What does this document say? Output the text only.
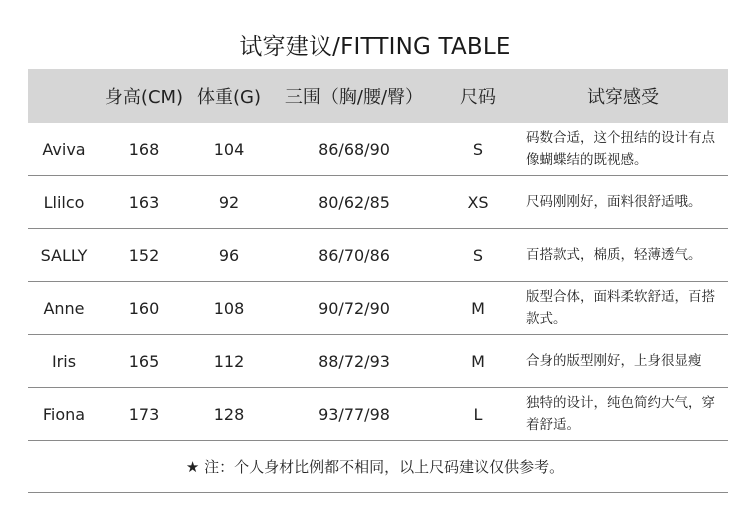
试穿建议/FITTING TABLE
	身高(CM)	体重(G)	三围（胸/腰/臀）	尺码	试穿感受
Aviva	168	104	86/68/90	S	码数合适，这个扭结的设计有点像蝴蝶结的既视感。
Llilco	163	92	80/62/85	XS	尺码刚刚好，面料很舒适哦。
SALLY	152	96	86/70/86	S	百搭款式，棉质，轻薄透气。
Anne	160	108	90/72/90	M	版型合体，面料柔软舒适，百搭款式。
Iris	165	112	88/72/93	M	合身的版型刚好，上身很显瘦
Fiona	173	128	93/77/98	L	独特的设计，纯色简约大气，穿着舒适。
★ 注：个人身材比例都不相同，以上尺码建议仅供参考。
